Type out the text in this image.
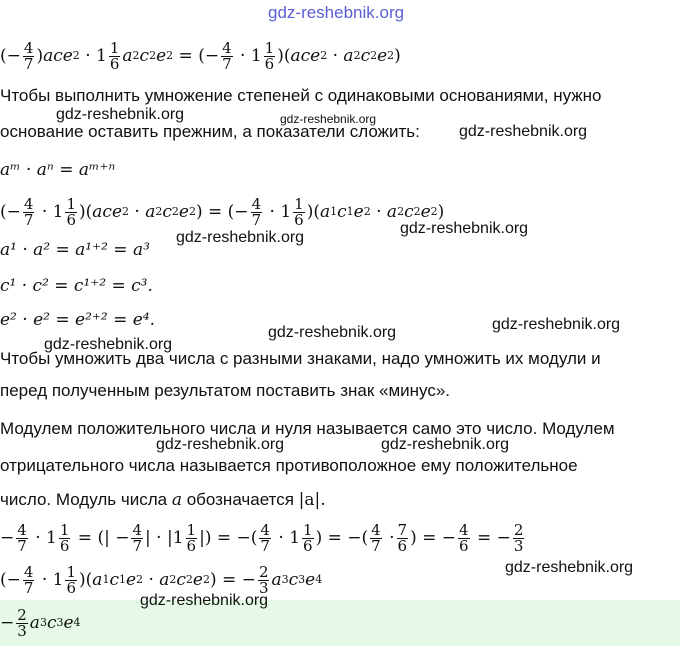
gdz-reshebnik.org
(− $\frac{4}{7}$ ) ace 2
·
$1 \frac{1}{6}$ a 2 c 2 e 2
=
(− $\frac{4}{7}$
·
$1 \frac{1}{6}$ )( ace 2
· a 2 c 2 e 2 )
Чтобы выполнить умножение степеней с одинаковыми основаниями, нужно
gdz-reshebnik.org	gdz-reshebnik.org
основание оставить прежним, а показатели сложить: gdz-reshebnik.org
aᵐ · aⁿ = aᵐ⁺ⁿ
(− $\frac{4}{7}$
·
$1 \frac{1}{6}$ )( ace 2
· a 2 c 2 e 2 )
=
(− $\frac{4}{7}$
·
$1 \frac{1}{6}$ )( a 1 c 1 e 2
· a 2 c 2 e 2 )
gdz-reshebnik.org
a¹ · a² = a¹⁺² = a³
gdz-reshebnik.org
c¹ · c² = c¹⁺² = c³.
e² · e² = e²⁺² = e⁴.
gdz-reshebnik.org	gdz-reshebnik.org
gdz-reshebnik.org
Чтобы умножить два числа с разными знаками, надо умножить их модули и
перед полученным результатом поставить знак «минус».
Модулем положительного числа и нуля называется само это число. Модулем
gdz-reshebnik.org	gdz-reshebnik.org
отрицательного числа называется противоположное ему положительное
число. Модуль числа a обозначается |a|.
− $\frac{4}{7}$
·
$1 \frac{1}{6}$
=
(|
− $\frac{4}{7}$ |
·
| $1 \frac{1}{6}$ |)
=
−( $\frac{4}{7}$
·
$1 \frac{1}{6}$ )
=
−( $\frac{4}{7}$
· $\frac{7}{6}$ )
=
− $\frac{4}{6}$
=
− $\frac{2}{3}$
(− $\frac{4}{7}$
·
$1 \frac{1}{6}$ )( a 1 c 1 e 2
· a 2 c 2 e 2 )
=
− $\frac{2}{3}$ a 3 c 3 e 4
gdz-reshebnik.org
gdz-reshebnik.org
− $\frac{2}{3}$ a 3 c 3 e 4
